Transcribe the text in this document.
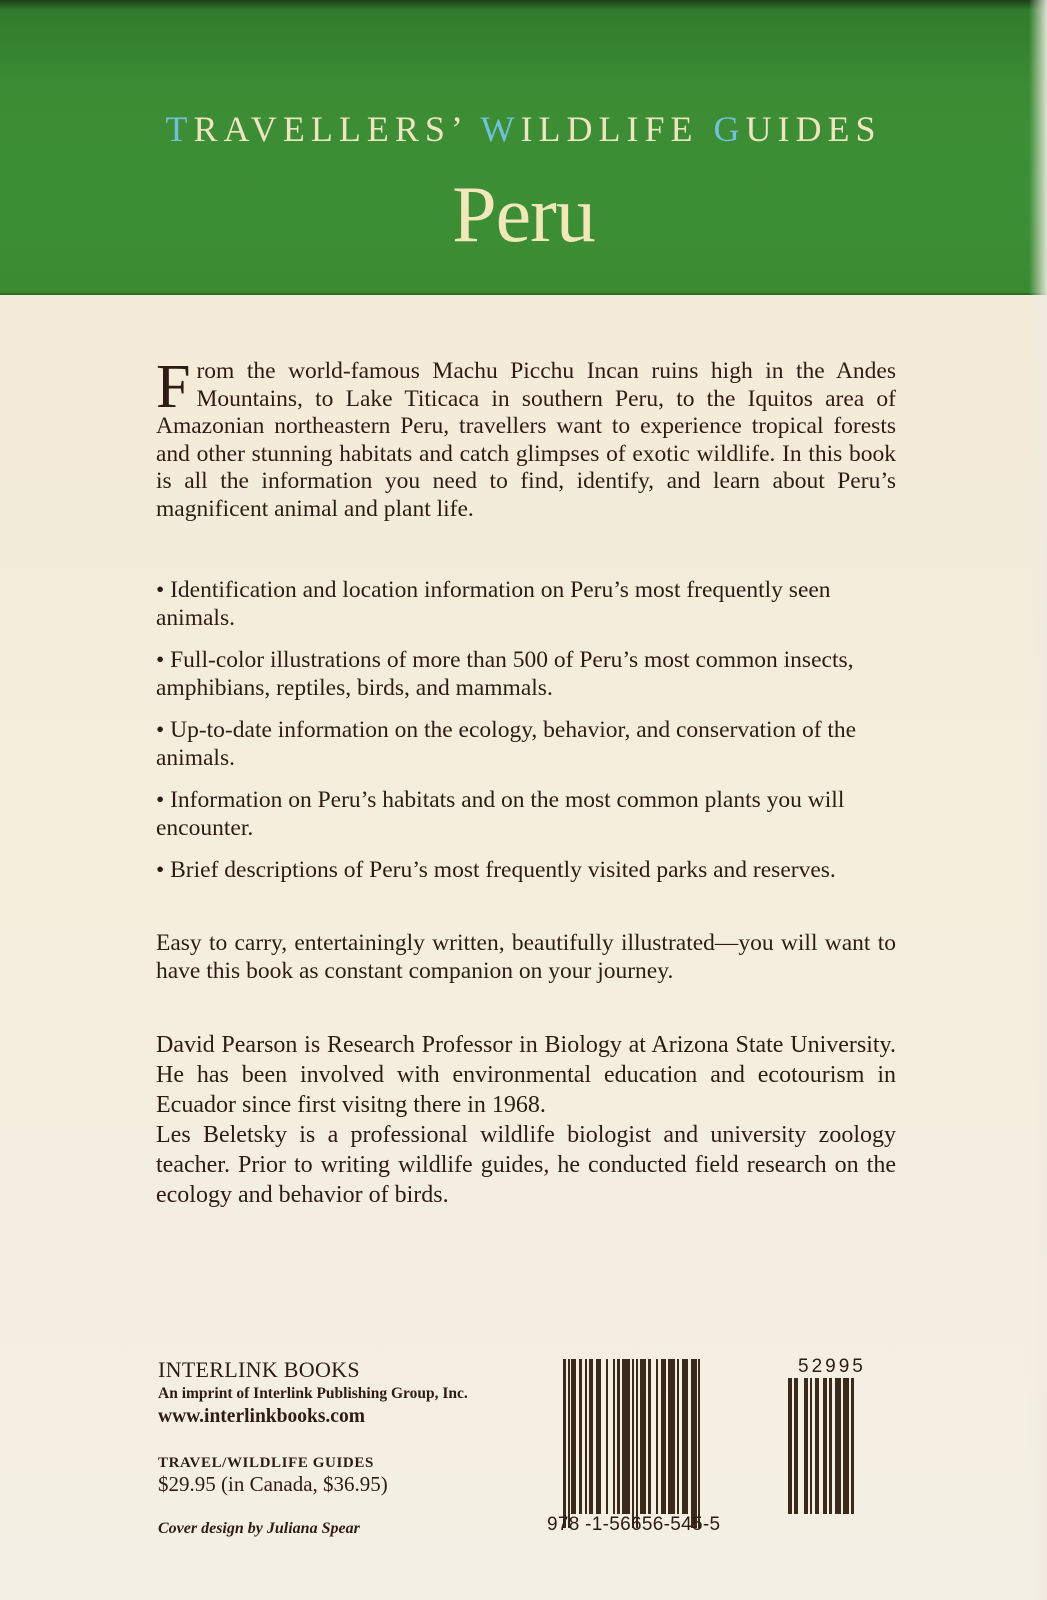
TRAVELLERS’ WILDLIFE GUIDES
Peru
From the world-famous Machu Picchu Incan ruins high in the Andes Mountains, to Lake Titicaca in southern Peru, to the Iquitos area of Amazonian northeastern Peru, travellers want to experience tropical forests and other stunning habitats and catch glimpses of exotic wildlife. In this book is all the information you need to find, identify, and learn about Peru’s magnificent animal and plant life.
• Identification and location information on Peru’s most frequently seen animals.
• Full-color illustrations of more than 500 of Peru’s most common insects, amphibians, reptiles, birds, and mammals.
• Up-to-date information on the ecology, behavior, and conservation of the animals.
• Information on Peru’s habitats and on the most common plants you will encounter.
• Brief descriptions of Peru’s most frequently visited parks and reserves.
Easy to carry, entertainingly written, beautifully illustrated—you will want to have this book as constant companion on your journey.

David Pearson is Research Professor in Biology at Arizona State University. He has been involved with environmental education and ecotourism in Ecuador since first visitng there in 1968.

Les Beletsky is a professional wildlife biologist and university zoology teacher. Prior to writing wildlife guides, he conducted field research on the ecology and behavior of birds.

INTERLINK BOOKS
An imprint of Interlink Publishing Group, Inc.
www.interlinkbooks.com
TRAVEL/WILDLIFE GUIDES
$29.95 (in Canada, $36.95)
Cover design by Juliana Spear
52995
978 -1-56656-545-5
